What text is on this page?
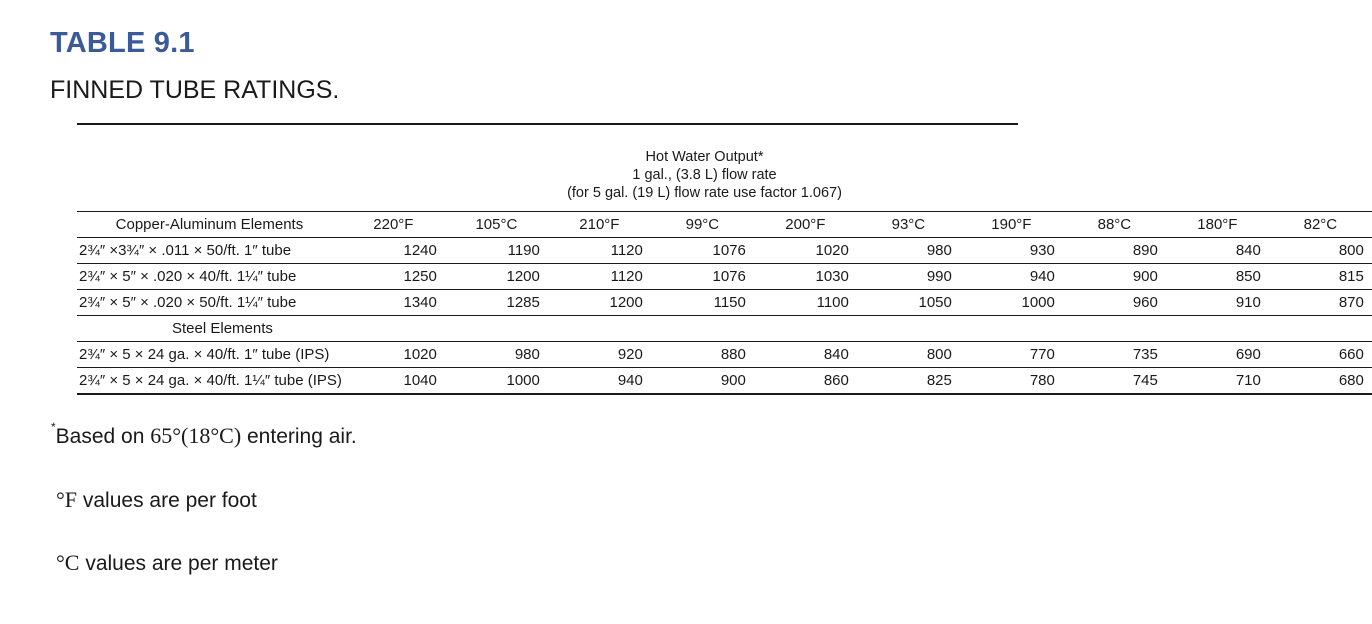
TABLE 9.1
FINNED TUBE RATINGS.
Hot Water Output*
1 gal., (3.8 L) flow rate
(for 5 gal. (19 L) flow rate use factor 1.067)
Copper-Aluminum Elements	220°F	105°C	210°F	99°C	200°F	93°C	190°F	88°C	180°F	82°C
2¾″ ×3¾″ × .011 × 50/ft. 1″ tube	1240	1190	1120	1076	1020	980	930	890	840	800
2¾″ × 5″ × .020 × 40/ft. 1¼″ tube	1250	1200	1120	1076	1030	990	940	900	850	815
2¾″ × 5″ × .020 × 50/ft. 1¼″ tube	1340	1285	1200	1150	1100	1050	1000	960	910	870
Steel Elements										
2¾″ × 5 × 24 ga. × 40/ft. 1″ tube (IPS)	1020	980	920	880	840	800	770	735	690	660
2¾″ × 5 × 24 ga. × 40/ft. 1¼″ tube (IPS)	1040	1000	940	900	860	825	780	745	710	680

*Based on 65°(18°C) entering air.

°F values are per foot

°C values are per meter
